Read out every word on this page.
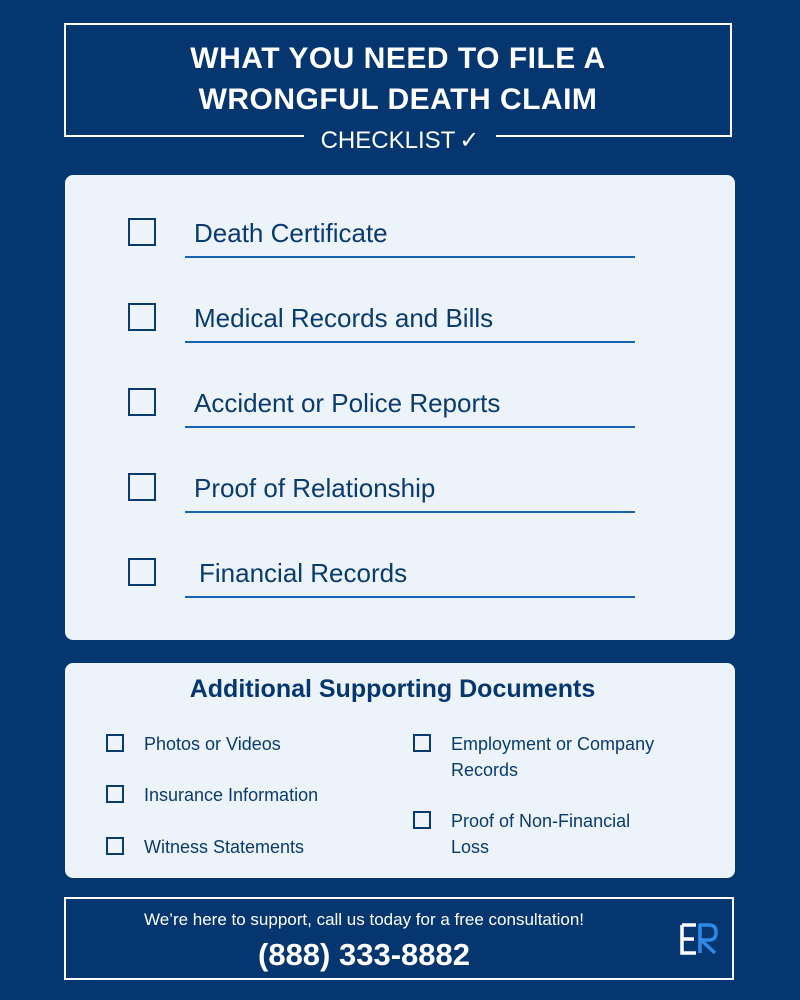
WHAT YOU NEED TO FILE A
WRONGFUL DEATH CLAIM
CHECKLIST ✓
Death Certificate
Medical Records and Bills
Accident or Police Reports
Proof of Relationship
Financial Records
Additional Supporting Documents
Photos or Videos
Insurance Information
Witness Statements
Employment or Company
Records
Proof of Non-Financial
Loss
We’re here to support, call us today for a free consultation!
(888) 333-8882
